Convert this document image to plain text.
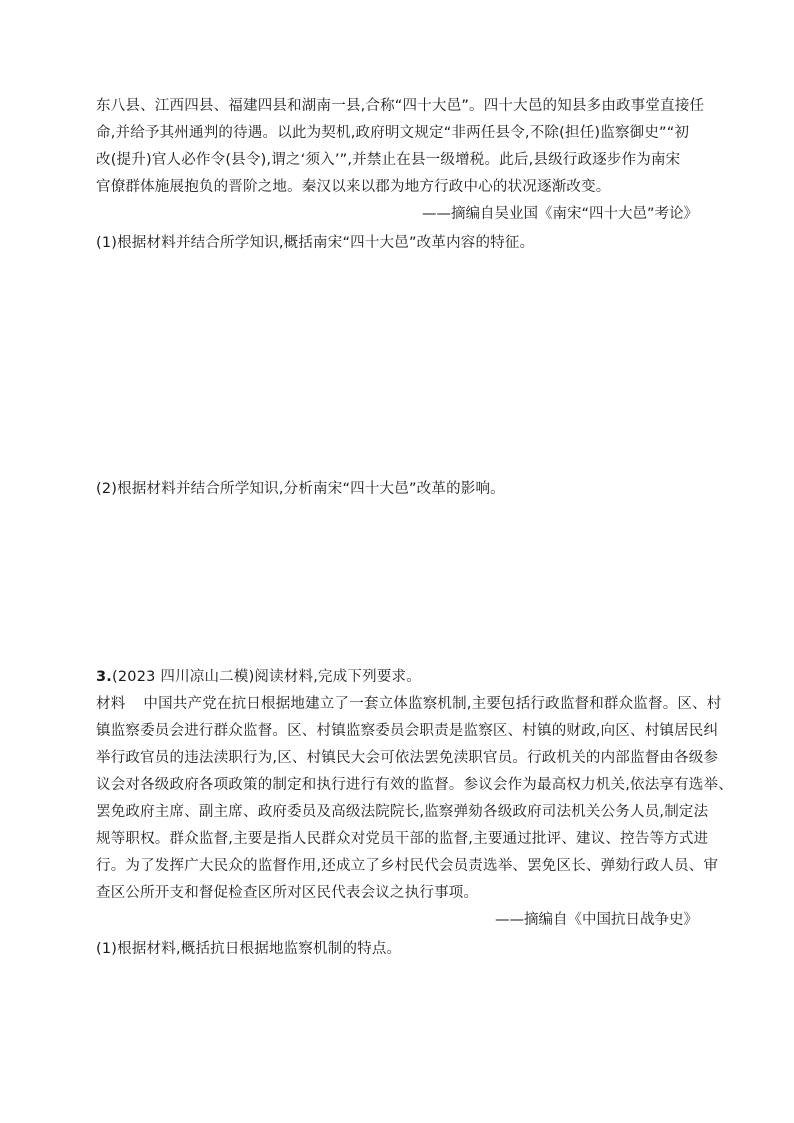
东八县、江西四县、福建四县和湖南一县,合称“四十大邑”。四十大邑的知县多由政事堂直接任
命,并给予其州通判的待遇。以此为契机,政府明文规定“非两任县令,不除(担任)监察御史”“初
改(提升)官人必作令(县令),谓之‘须入’”,并禁止在县一级增税。此后,县级行政逐步作为南宋
官僚群体施展抱负的晋阶之地。秦汉以来以郡为地方行政中心的状况逐渐改变。
——摘编自吴业国《南宋“四十大邑”考论》
(1)根据材料并结合所学知识,概括南宋“四十大邑”改革内容的特征。
(2)根据材料并结合所学知识,分析南宋“四十大邑”改革的影响。
3.(2023 四川凉山二模)阅读材料,完成下列要求。
材料 中国共产党在抗日根据地建立了一套立体监察机制,主要包括行政监督和群众监督。区、村
镇监察委员会进行群众监督。区、村镇监察委员会职责是监察区、村镇的财政,向区、村镇居民纠
举行政官员的违法渎职行为,区、村镇民大会可依法罢免渎职官员。行政机关的内部监督由各级参
议会对各级政府各项政策的制定和执行进行有效的监督。参议会作为最高权力机关,依法享有选举、
罢免政府主席、副主席、政府委员及高级法院院长,监察弹劾各级政府司法机关公务人员,制定法
规等职权。群众监督,主要是指人民群众对党员干部的监督,主要通过批评、建议、控告等方式进
行。为了发挥广大民众的监督作用,还成立了乡村民代会员责选举、罢免区长、弹劾行政人员、审
查区公所开支和督促检查区所对区民代表会议之执行事项。
——摘编自《中国抗日战争史》
(1)根据材料,概括抗日根据地监察机制的特点。
